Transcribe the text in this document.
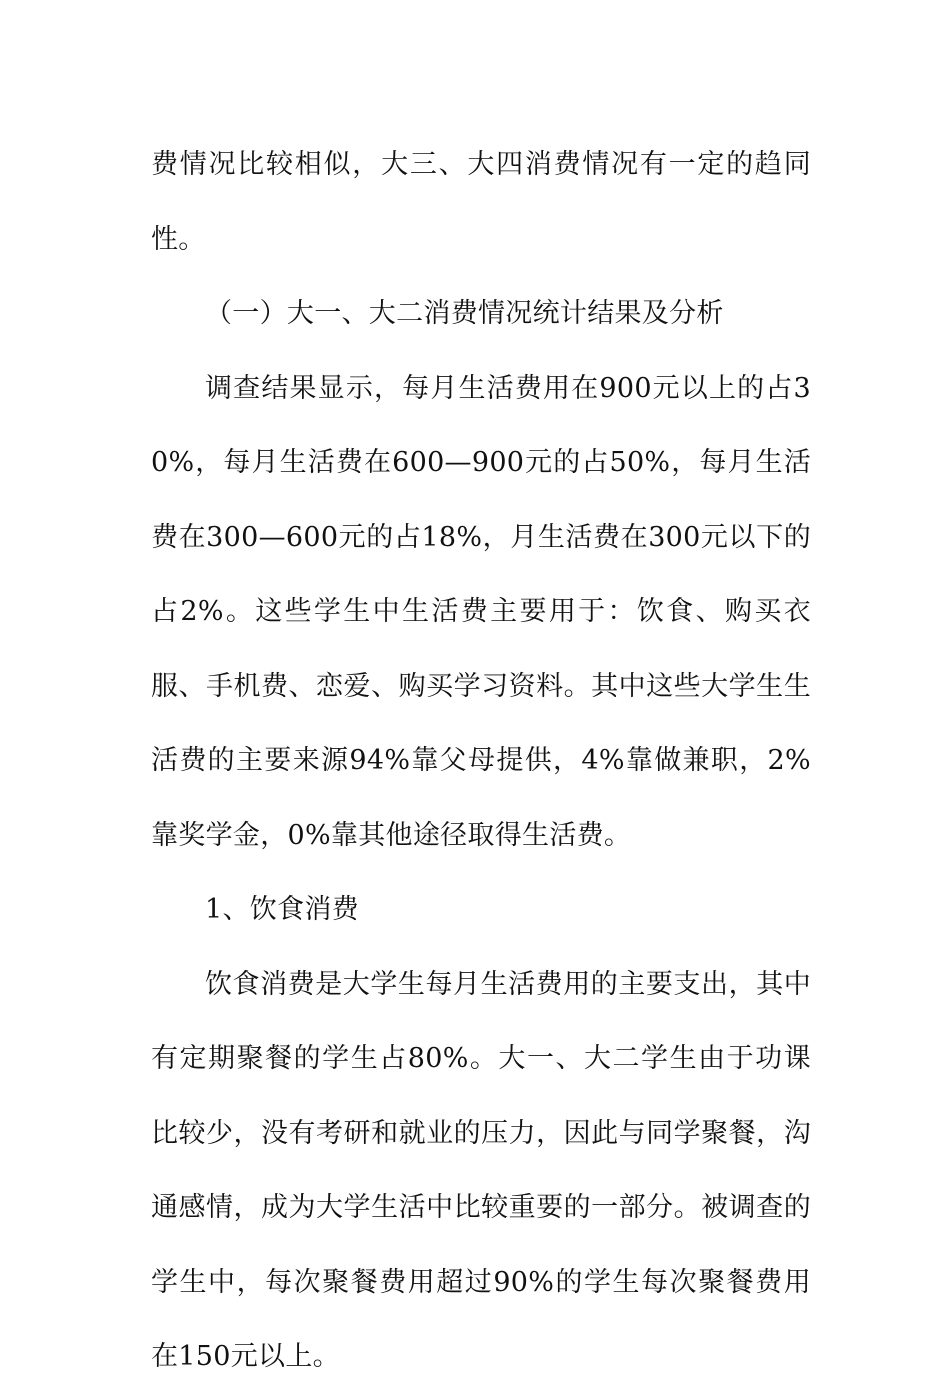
费情况比较相似，大三、大四消费情况有一定的趋同性。

（一）大一、大二消费情况统计结果及分析

调查结果显示，每月生活费用在900元以上的占30%，每月生活费在600—900元的占50%，每月生活费在300—600元的占18%，月生活费在300元以下的占2%。这些学生中生活费主要用于：饮食、购买衣服、手机费、恋爱、购买学习资料。其中这些大学生生活费的主要来源94%靠父母提供，4%靠做兼职，2%靠奖学金，0%靠其他途径取得生活费。

1、饮食消费

饮食消费是大学生每月生活费用的主要支出，其中有定期聚餐的学生占80%。大一、大二学生由于功课比较少，没有考研和就业的压力，因此与同学聚餐，沟通感情，成为大学生活中比较重要的一部分。被调查的学生中，每次聚餐费用超过90%的学生每次聚餐费用在150元以上。
